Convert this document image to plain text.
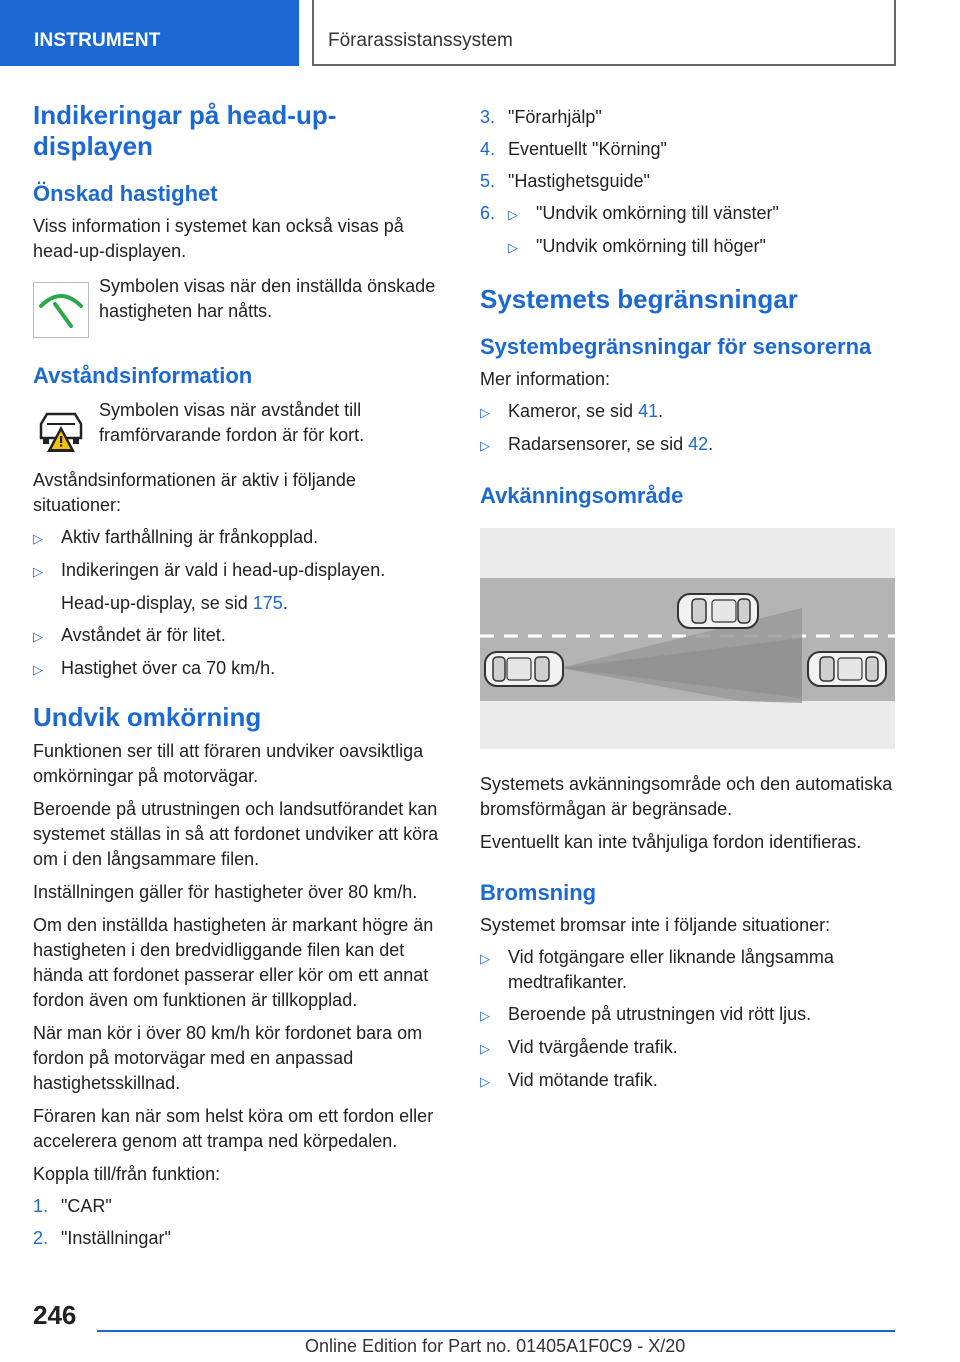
INSTRUMENT	Förarassistanssystem
Indikeringar på head-up-displayen
Önskad hastighet
Viss information i systemet kan också visas på head-up-displayen.
Symbolen visas när den inställda önskade hastigheten har nåtts.
Avståndsinformation
Symbolen visas när avståndet till framförvarande fordon är för kort.
Avståndsinformationen är aktiv i följande situationer:
▷	Aktiv farthållning är frånkopplad.
▷	Indikeringen är vald i head-up-displayen.
Head-up-display, se sid 175.
▷	Avståndet är för litet.
▷	Hastighet över ca 70 km/h.
Undvik omkörning
Funktionen ser till att föraren undviker oavsiktliga omkörningar på motorvägar.
Beroende på utrustningen och landsutförandet kan systemet ställas in så att fordonet undviker att köra om i den långsammare filen.
Inställningen gäller för hastigheter över 80 km/h.
Om den inställda hastigheten är markant högre än hastigheten i den bredvidliggande filen kan det hända att fordonet passerar eller kör om ett annat fordon även om funktionen är tillkopplad.
När man kör i över 80 km/h kör fordonet bara om fordon på motorvägar med en anpassad hastighetsskillnad.
Föraren kan när som helst köra om ett fordon eller accelerera genom att trampa ned körpedalen.
Koppla till/från funktion:
1. "CAR"
2. "Inställningar"
3. "Förarhjälp"
4. Eventuellt "Körning"
5. "Hastighetsguide"
6. ▷	"Undvik omkörning till vänster"
▷	"Undvik omkörning till höger"
Systemets begränsningar
Systembegränsningar för sensorerna
Mer information:
▷	Kameror, se sid 41.
▷	Radarsensorer, se sid 42.
Avkänningsområde
Systemets avkänningsområde och den automatiska bromsförmågan är begränsade.
Eventuellt kan inte tvåhjuliga fordon identifieras.
Bromsning
Systemet bromsar inte i följande situationer:
▷	Vid fotgängare eller liknande långsamma medtrafikanter.
▷	Beroende på utrustningen vid rött ljus.
▷	Vid tvärgående trafik.
▷	Vid mötande trafik.
246
Online Edition for Part no. 01405A1F0C9 - X/20
